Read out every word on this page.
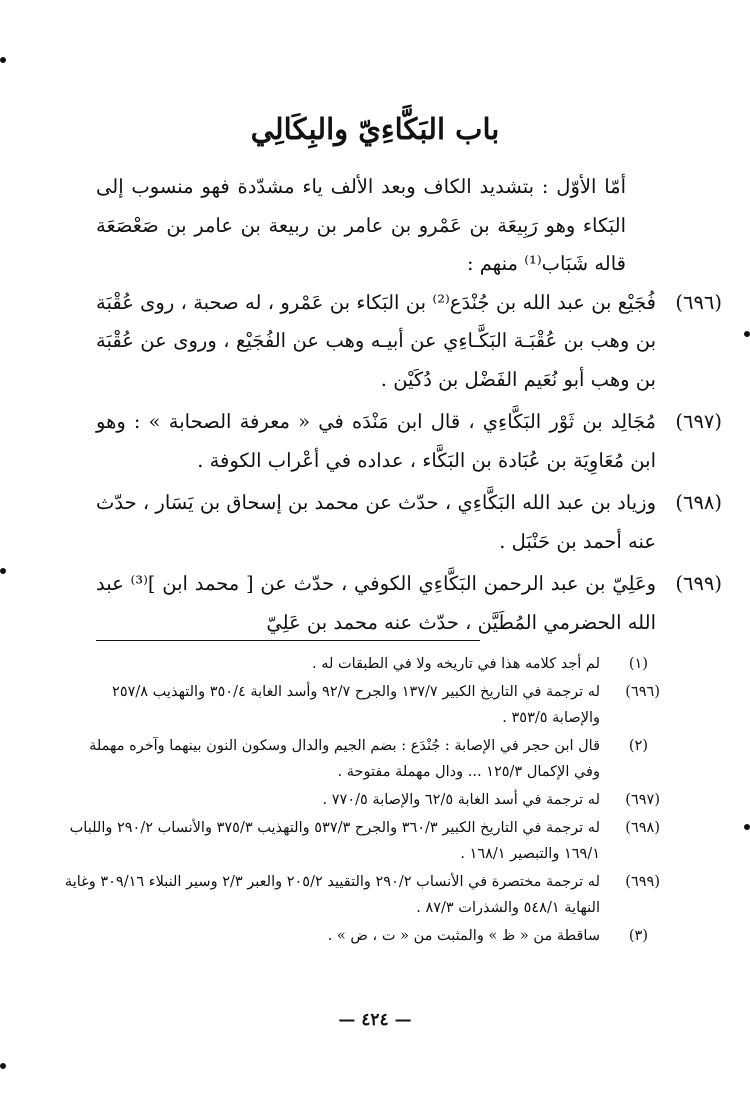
باب البَكَّاءِيّ والبِكَالِي

أمّا الأوّل : بتشديد الكاف وبعد الألف ياء مشدّدة فهو منسوب إلى البَكاء وهو رَبِيعَة بن عَمْرو بن عامر بن ربيعة بن عامر بن صَعْصَعَة قاله شَبَاب⁽¹⁾ منهم :

(٦٩٦)

فُجَيْع بن عبد الله بن جُنْدَع⁽²⁾ بن البَكاء بن عَمْرو ، له صحبة ، روى عُقْبَة بن وهب بن عُقْبَـة البَكَّـاءِي عن أبيـه وهب عن الفُجَيْع ، وروى عن عُقْبَة بن وهب أبو نُعَيم الفَضْل بن دُكَيْن .

(٦٩٧)

مُجَالِد بن ثَوْر البَكَّاءِي ، قال ابن مَنْدَه في « معرفة الصحابة » : وهو ابن مُعَاوِيَة بن عُبَادة بن البَكَّاء ، عداده في أعْراب الكوفة .

(٦٩٨)

وزياد بن عبد الله البَكَّاءِي ، حدّث عن محمد بن إسحاق بن يَسَار ، حدّث عنه أحمد بن حَنْبَل .

(٦٩٩)

وعَلِيّ بن عبد الرحمن البَكَّاءِي الكوفي ، حدّث عن [ محمد ابن ]⁽³⁾ عبد الله الحضرمي المُطَيَّن ، حدّث عنه محمد بن عَلِيّ

(١)
لم أجد كلامه هذا في تاريخه ولا في الطبقات له .
(٦٩٦)
له ترجمة في التاريخ الكبير ١٣٧/٧ والجرح ٩٢/٧ وأسد الغابة ٣٥٠/٤ والتهذيب ٢٥٧/٨ والإصابة ٣٥٣/٥ .
(٢)
قال ابن حجر في الإصابة : جُنْدَع : بضم الجيم والدال وسكون النون بينهما وآخره مهملة وفي الإكمال ١٢٥/٣ ... ودال مهملة مفتوحة .
(٦٩٧)
له ترجمة في أسد الغابة ٦٢/٥ والإصابة ٧٧٠/٥ .
(٦٩٨)
له ترجمة في التاريخ الكبير ٣٦٠/٣ والجرح ٥٣٧/٣ والتهذيب ٣٧٥/٣ والأنساب ٢٩٠/٢ واللباب ١٦٩/١ والتبصير ١٦٨/١ .
(٦٩٩)
له ترجمة مختصرة في الأنساب ٢٩٠/٢ والتقييد ٢٠٥/٢ والعبر ٢/٣ وسير النبلاء ٣٠٩/١٦ وغاية النهاية ٥٤٨/١ والشذرات ٨٧/٣ .
(٣)
ساقطة من « ظ » والمثبت من « ت ، ض » .
— ٤٢٤ —
